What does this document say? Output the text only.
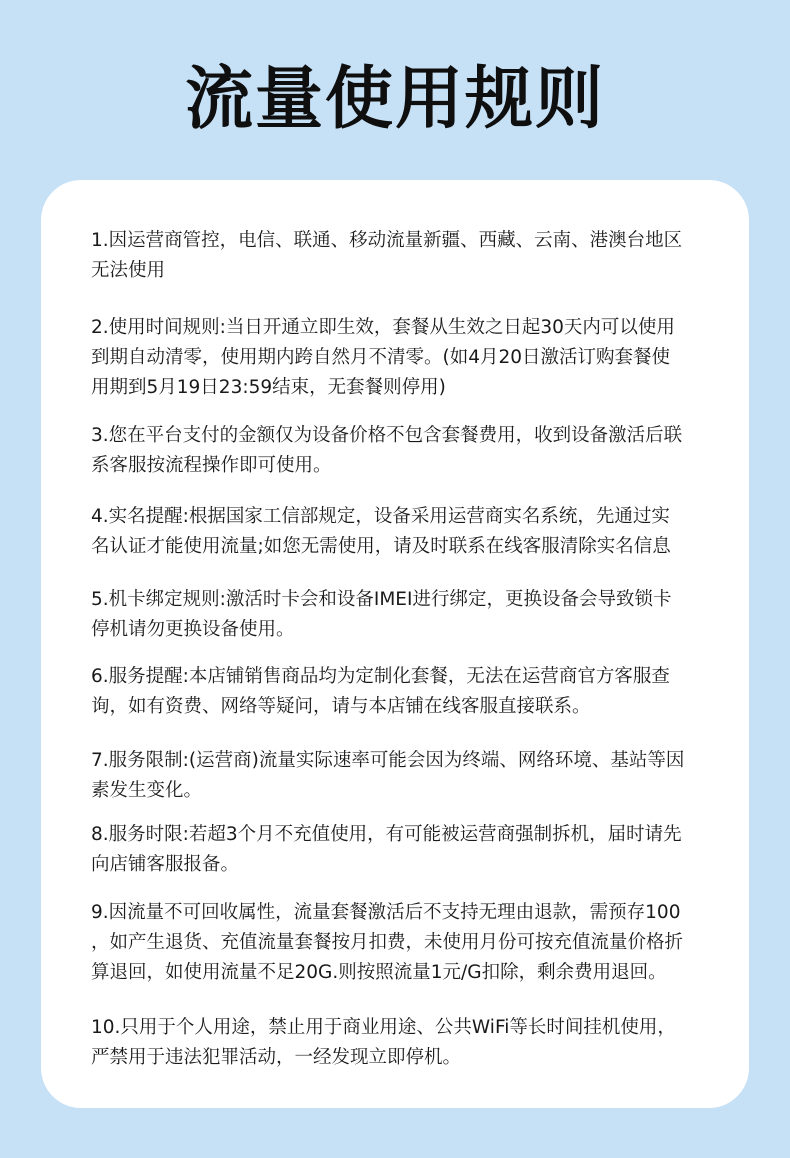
流量使用规则

1.因运营商管控，电信、联通、移动流量新疆、西藏、云南、港澳台地区
无法使用

2.使用时间规则:当日开通立即生效，套餐从生效之日起30天内可以使用
到期自动清零，使用期内跨自然月不清零。(如4月20日激活订购套餐使
用期到5月19日23:59结束，无套餐则停用)

3.您在平台支付的金额仅为设备价格不包含套餐费用，收到设备激活后联
系客服按流程操作即可使用。

4.实名提醒:根据国家工信部规定，设备采用运营商实名系统，先通过实
名认证才能使用流量;如您无需使用，请及时联系在线客服清除实名信息

5.机卡绑定规则:激活时卡会和设备IMEI进行绑定，更换设备会导致锁卡
停机请勿更换设备使用。

6.服务提醒:本店铺销售商品均为定制化套餐，无法在运营商官方客服查
询，如有资费、网络等疑问，请与本店铺在线客服直接联系。

7.服务限制:(运营商)流量实际速率可能会因为终端、网络环境、基站等因
素发生变化。

8.服务时限:若超3个月不充值使用，有可能被运营商强制拆机，届时请先
向店铺客服报备。

9.因流量不可回收属性，流量套餐激活后不支持无理由退款，需预存100
，如产生退货、充值流量套餐按月扣费，未使用月份可按充值流量价格折
算退回，如使用流量不足20G.则按照流量1元/G扣除，剩余费用退回。

10.只用于个人用途，禁止用于商业用途、公共WiFi等长时间挂机使用，
严禁用于违法犯罪活动，一经发现立即停机。
